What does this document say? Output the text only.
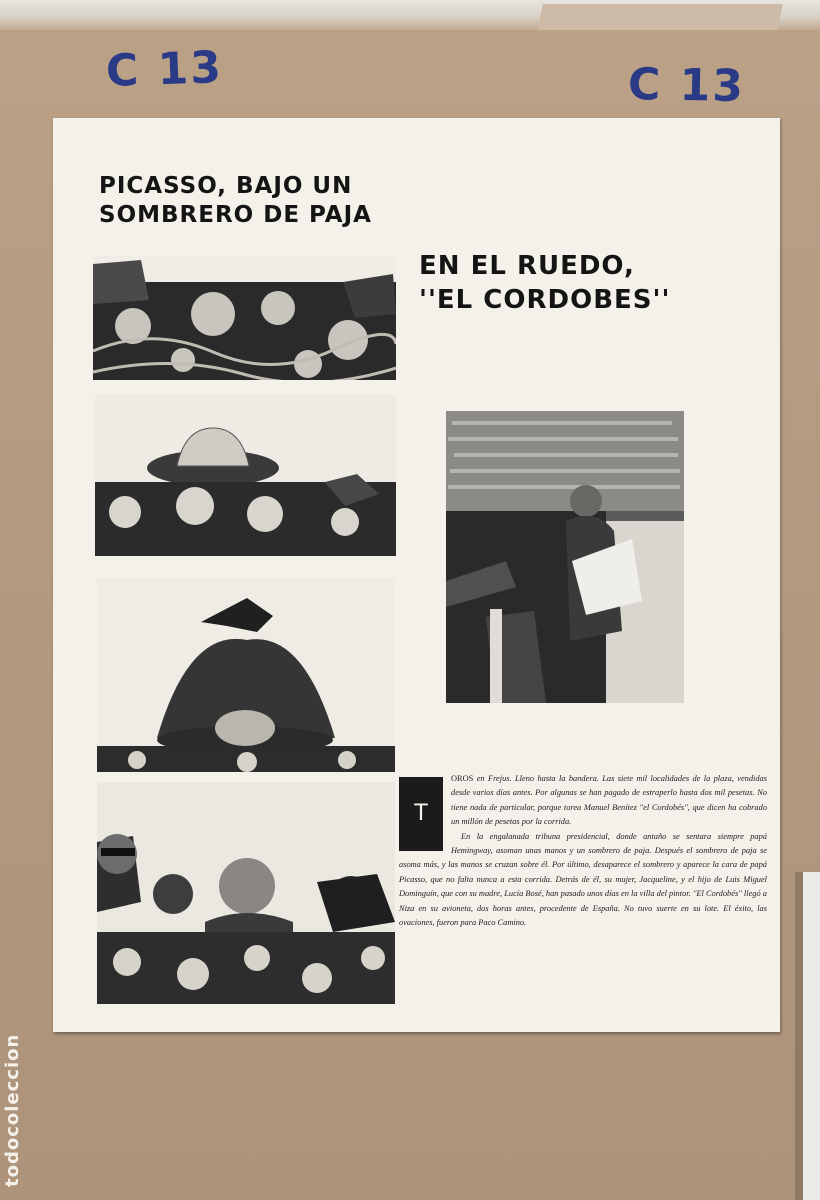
C 13	C 13
todocoleccion
PICASSO, BAJO UN
SOMBRERO DE PAJA
EN EL RUEDO,
''EL CORDOBES''
T

OROS en Frejus. Lleno hasta la bandera. Las siete mil localidades de la plaza, vendidas desde varios días antes. Por algunas se han pagado de estraperlo hasta dos mil pesetas. No tiene nada de particular, porque torea Manuel Benítez ''el Cordobés'', que dicen ha cobrado un millón de pesetas por la corrida.

En la engalanada tribuna presidencial, donde antaño se sentara siempre papá Hemingway, asoman unas manos y un sombrero de paja. Después el sombrero de paja se asoma más, y las manos se cruzan sobre él. Por último, desaparece el sombrero y aparece la cara de papá Picasso, que no falta nunca a esta corrida. Detrás de él, su mujer, Jacqueline, y el hijo de Luis Miguel Dominguín, que con su madre, Lucía Bosé, han pasado unos días en la villa del pintor. ''El Cordobés'' llegó a Niza en su avioneta, dos horas antes, procedente de España. No tuvo suerte en su lote. El éxito, las ovaciones, fueron para Paco Camino.
